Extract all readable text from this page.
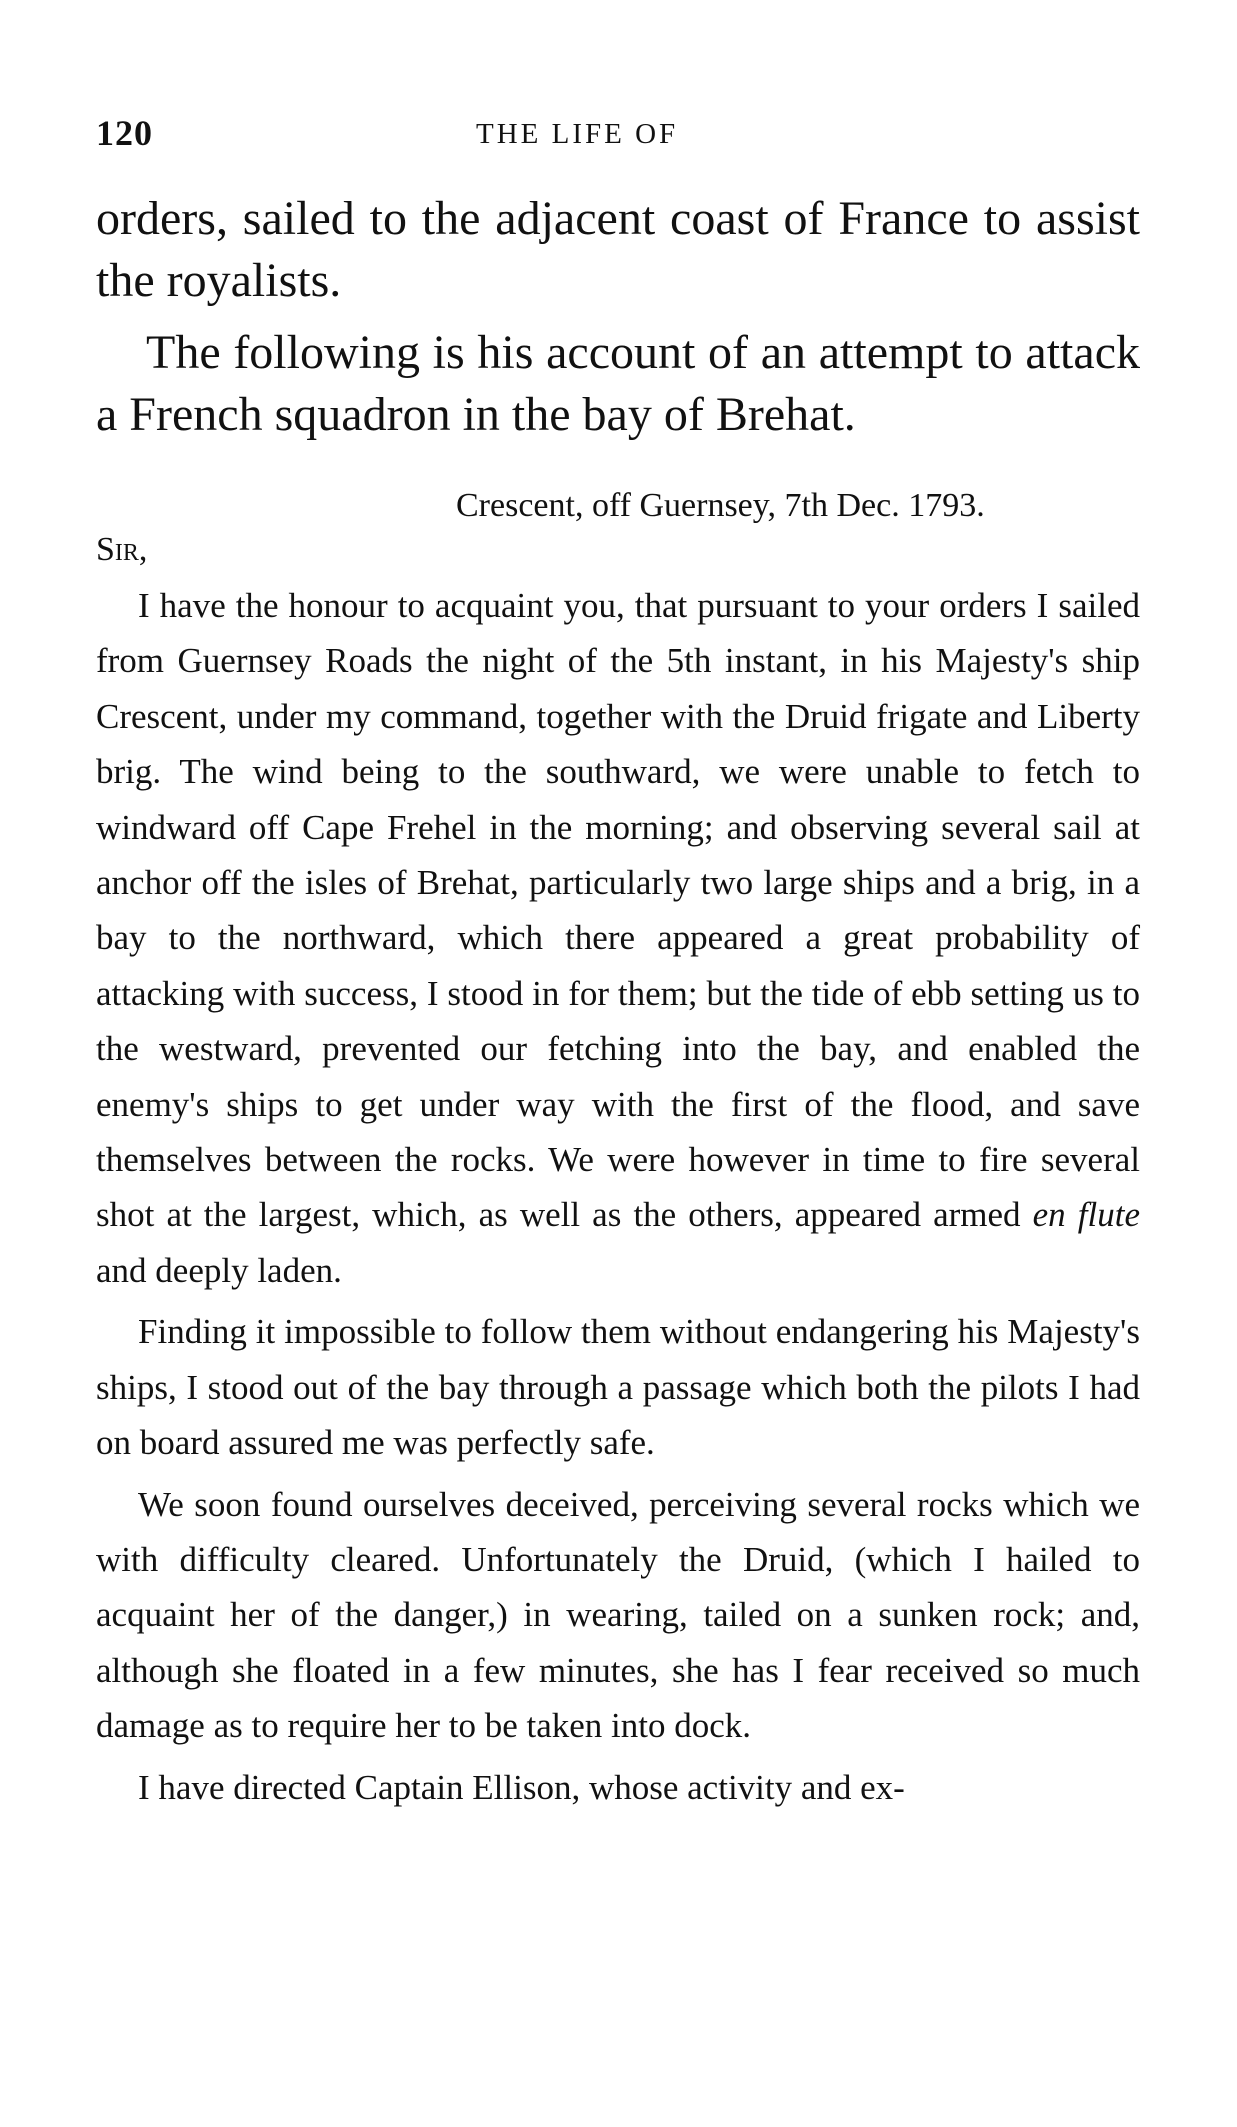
120	THE LIFE OF

orders, sailed to the adjacent coast of France to assist the royalists.

The following is his account of an attempt to attack a French squadron in the bay of Brehat.

Crescent, off Guernsey, 7th Dec. 1793.

Sir,

I have the honour to acquaint you, that pursuant to your orders I sailed from Guernsey Roads the night of the 5th instant, in his Majesty's ship Crescent, under my command, together with the Druid frigate and Liberty brig. The wind being to the southward, we were unable to fetch to windward off Cape Frehel in the morning; and observing several sail at anchor off the isles of Brehat, particularly two large ships and a brig, in a bay to the northward, which there appeared a great probability of attacking with success, I stood in for them; but the tide of ebb setting us to the westward, prevented our fetching into the bay, and enabled the enemy's ships to get under way with the first of the flood, and save themselves between the rocks. We were however in time to fire several shot at the largest, which, as well as the others, appeared armed en flute and deeply laden.

Finding it impossible to follow them without endangering his Majesty's ships, I stood out of the bay through a passage which both the pilots I had on board assured me was perfectly safe.

We soon found ourselves deceived, perceiving several rocks which we with difficulty cleared. Unfortunately the Druid, (which I hailed to acquaint her of the danger,) in wearing, tailed on a sunken rock; and, although she floated in a few minutes, she has I fear received so much damage as to require her to be taken into dock.

I have directed Captain Ellison, whose activity and ex-
